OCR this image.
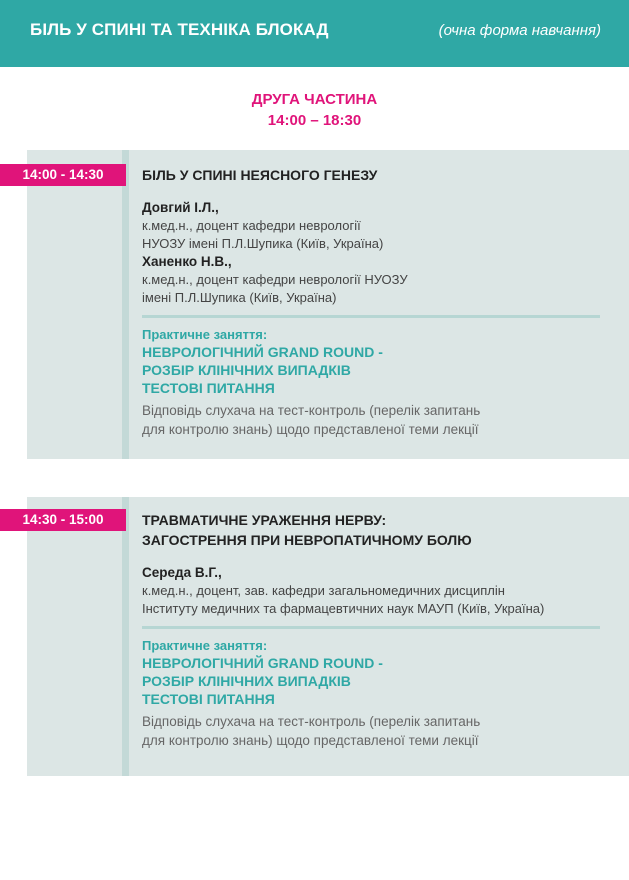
БІЛЬ У СПИНІ ТА ТЕХНІКА БЛОКАД	(очна форма навчання)
ДРУГА ЧАСТИНА
14:00 – 18:30
14:00 - 14:30	БІЛЬ У СПИНІ НЕЯСНОГО ГЕНЕЗУ
Довгий І.Л.,
к.мед.н., доцент кафедри неврології
НУОЗУ імені П.Л.Шупика (Київ, Україна)
Ханенко Н.В.,
к.мед.н., доцент кафедри неврології НУОЗУ
імені П.Л.Шупика (Київ, Україна)
Практичне заняття:
НЕВРОЛОГІЧНИЙ GRAND ROUND -
РОЗБІР КЛІНІЧНИХ ВИПАДКІВ
ТЕСТОВІ ПИТАННЯ
Відповідь слухача на тест-контроль (перелік запитань
для контролю знань) щодо представленої теми лекції
14:30 - 15:00	ТРАВМАТИЧНЕ УРАЖЕННЯ НЕРВУ:
ЗАГОСТРЕННЯ ПРИ НЕВРОПАТИЧНОМУ БОЛЮ
Середа В.Г.,
к.мед.н., доцент, зав. кафедри загальномедичних дисциплін
Інституту медичних та фармацевтичних наук МАУП (Київ, Україна)
Практичне заняття:
НЕВРОЛОГІЧНИЙ GRAND ROUND -
РОЗБІР КЛІНІЧНИХ ВИПАДКІВ
ТЕСТОВІ ПИТАННЯ
Відповідь слухача на тест-контроль (перелік запитань
для контролю знань) щодо представленої теми лекції
